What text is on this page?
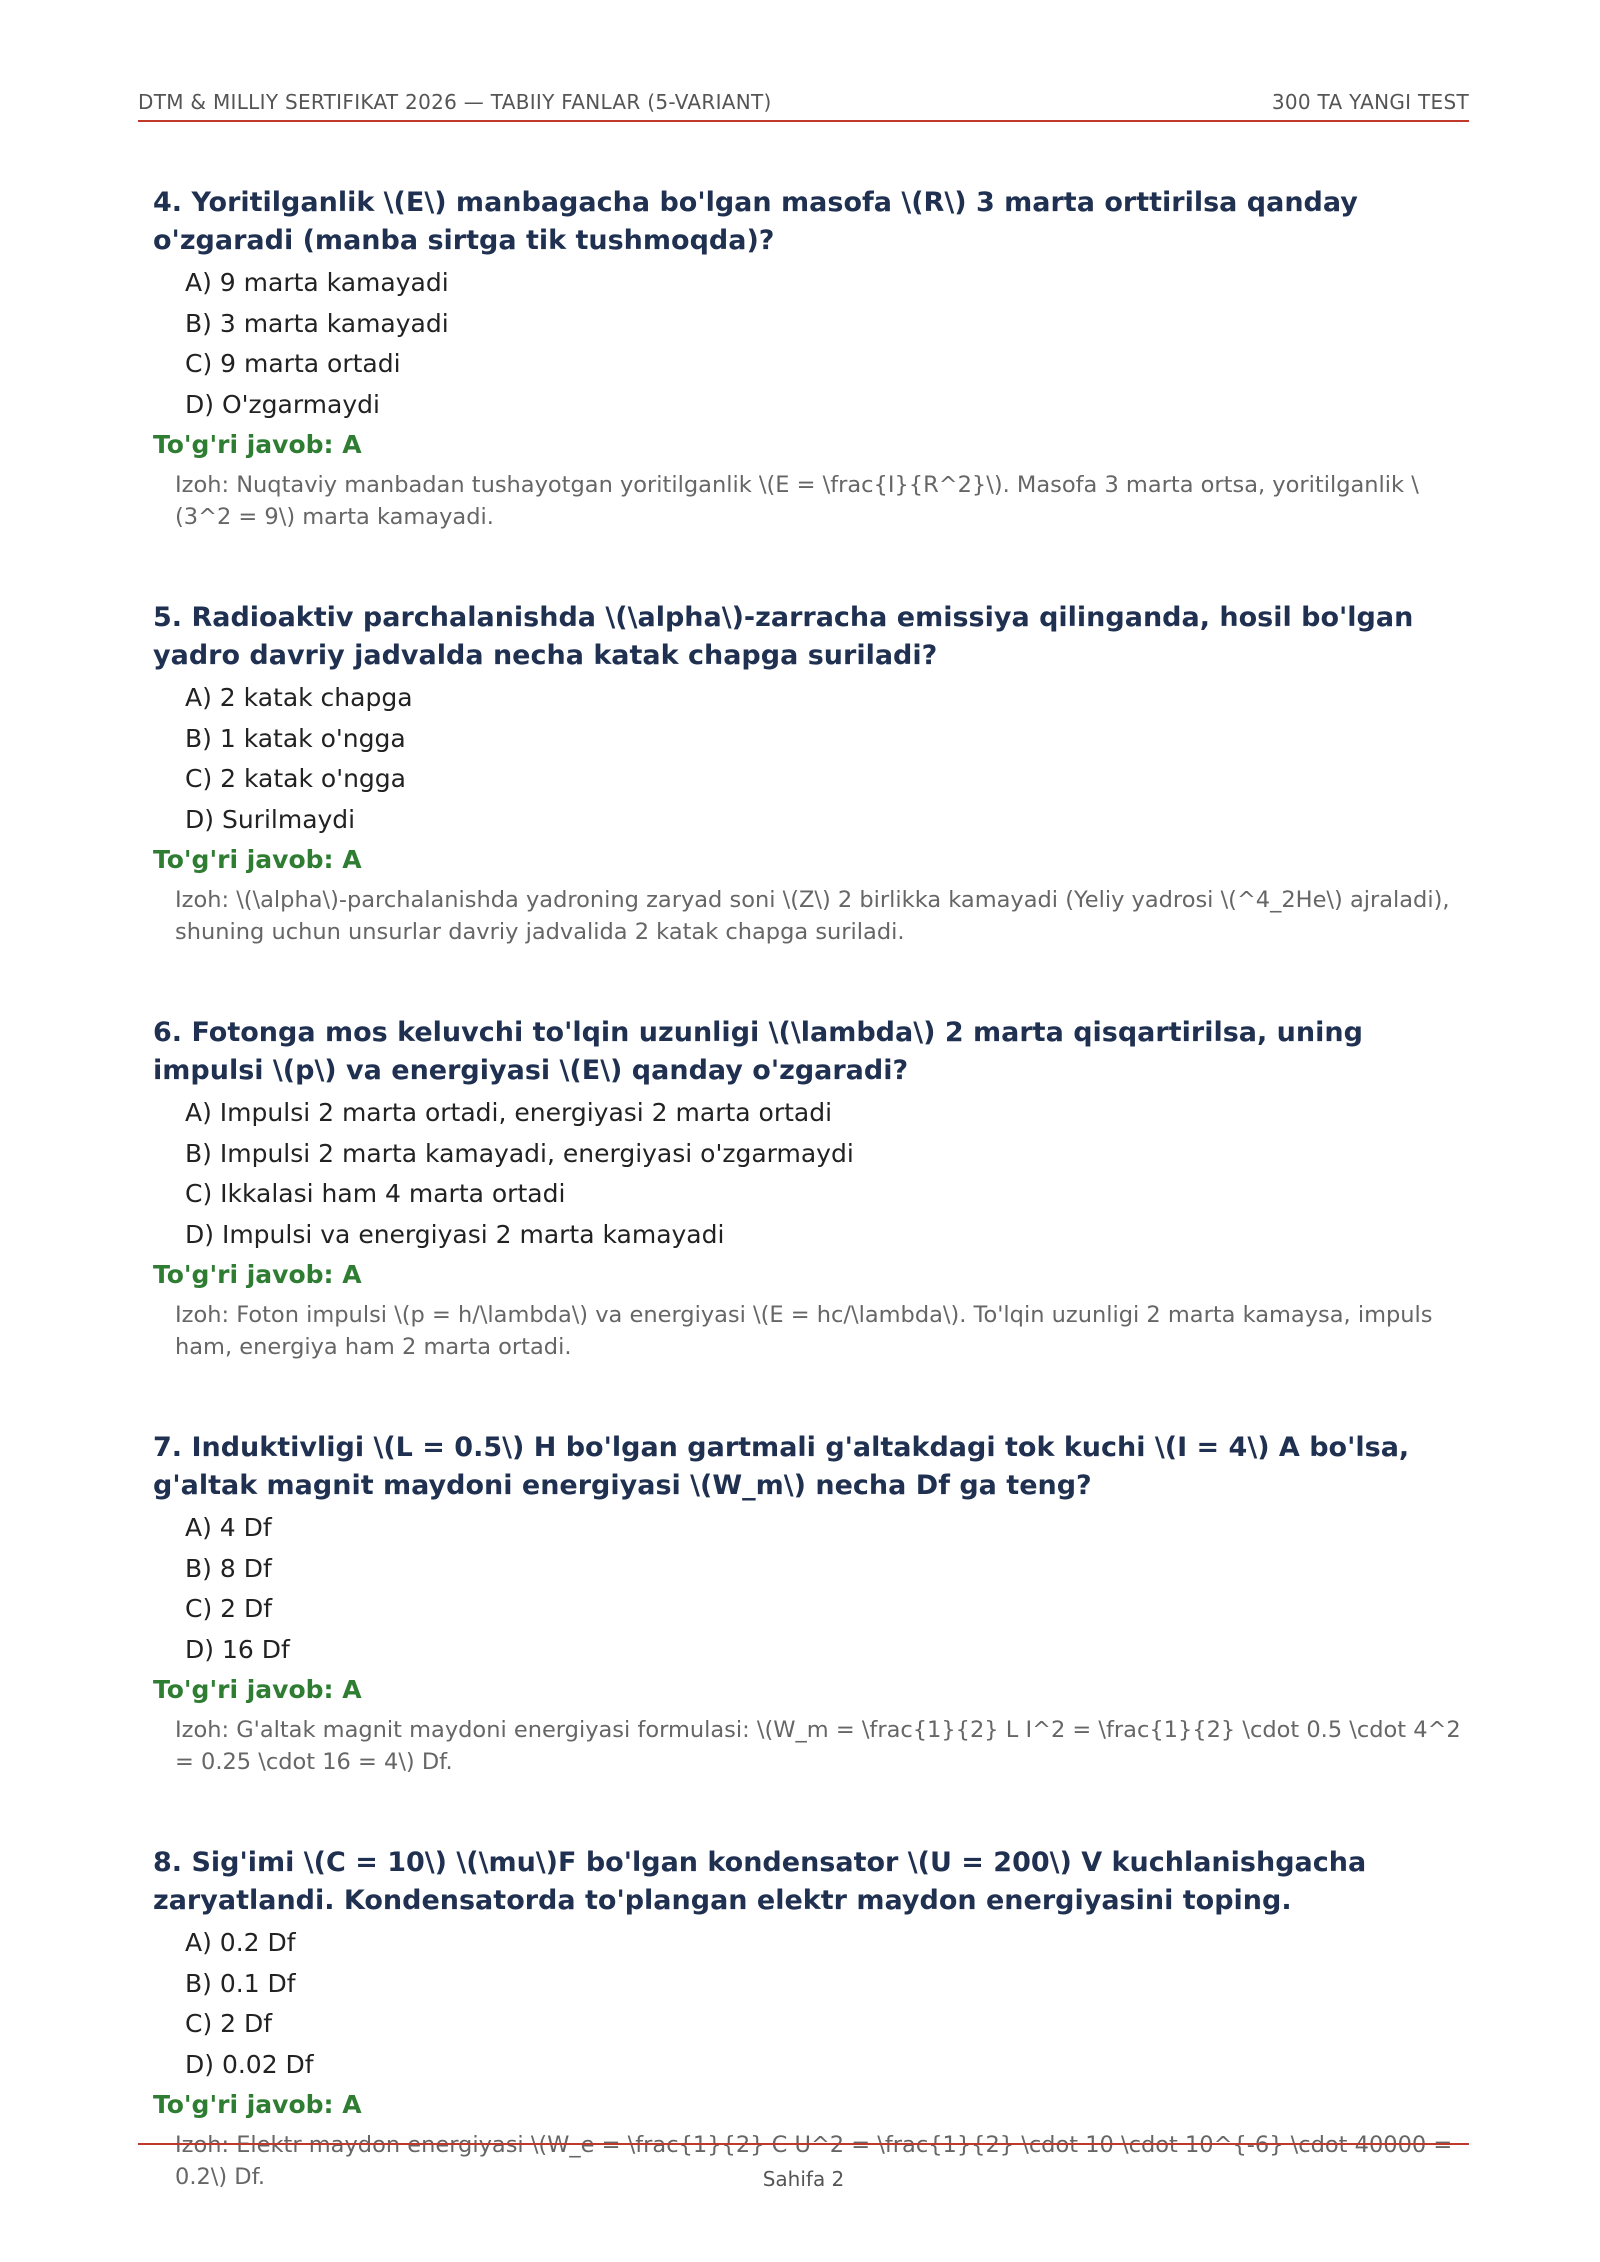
DTM & MILLIY SERTIFIKAT 2026 — TABIIY FANLAR (5-VARIANT)	300 TA YANGI TEST

4. Yoritilganlik \(E\) manbagacha bo'lgan masofa \(R\) 3 marta orttirilsa qanday o'zgaradi (manba sirtga tik tushmoqda)?

A) 9 marta kamayadi
B) 3 marta kamayadi
C) 9 marta ortadi
D) O'zgarmaydi
To'g'ri javob: A
Izoh: Nuqtaviy manbadan tushayotgan yoritilganlik \(E = \frac{I}{R^2}\). Masofa 3 marta ortsa, yoritilganlik \(3^2 = 9\) marta kamayadi.

5. Radioaktiv parchalanishda \(\alpha\)-zarracha emissiya qilinganda, hosil bo'lgan yadro davriy jadvalda necha katak chapga suriladi?

A) 2 katak chapga
B) 1 katak o'ngga
C) 2 katak o'ngga
D) Surilmaydi
To'g'ri javob: A
Izoh: \(\alpha\)-parchalanishda yadroning zaryad soni \(Z\) 2 birlikka kamayadi (Yeliy yadrosi \(^4_2He\) ajraladi), shuning uchun unsurlar davriy jadvalida 2 katak chapga suriladi.

6. Fotonga mos keluvchi to'lqin uzunligi \(\lambda\) 2 marta qisqartirilsa, uning impulsi \(p\) va energiyasi \(E\) qanday o'zgaradi?

A) Impulsi 2 marta ortadi, energiyasi 2 marta ortadi
B) Impulsi 2 marta kamayadi, energiyasi o'zgarmaydi
C) Ikkalasi ham 4 marta ortadi
D) Impulsi va energiyasi 2 marta kamayadi
To'g'ri javob: A
Izoh: Foton impulsi \(p = h/\lambda\) va energiyasi \(E = hc/\lambda\). To'lqin uzunligi 2 marta kamaysa, impuls ham, energiya ham 2 marta ortadi.

7. Induktivligi \(L = 0.5\) H bo'lgan gartmali g'altakdagi tok kuchi \(I = 4\) A bo'lsa, g'altak magnit maydoni energiyasi \(W_m\) necha Df ga teng?

A) 4 Df
B) 8 Df
C) 2 Df
D) 16 Df
To'g'ri javob: A
Izoh: G'altak magnit maydoni energiyasi formulasi: \(W_m = \frac{1}{2} L I^2 = \frac{1}{2} \cdot 0.5 \cdot 4^2 = 0.25 \cdot 16 = 4\) Df.

8. Sig'imi \(C = 10\) \(\mu\)F bo'lgan kondensator \(U = 200\) V kuchlanishgacha zaryatlandi. Kondensatorda to'plangan elektr maydon energiyasini toping.

A) 0.2 Df
B) 0.1 Df
C) 2 Df
D) 0.02 Df
To'g'ri javob: A
Izoh: Elektr maydon energiyasi \(W_e = \frac{1}{2} C U^2 = \frac{1}{2} \cdot 10 \cdot 10^{-6} \cdot 40000 = 0.2\) Df.	Sahifa 2
